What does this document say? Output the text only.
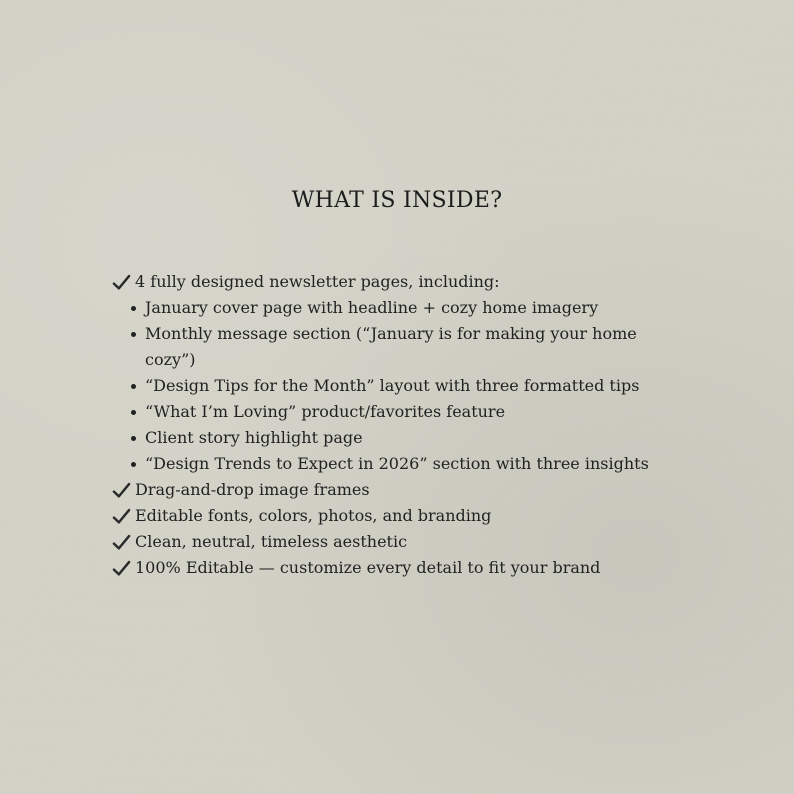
WHAT IS INSIDE?
4 fully designed newsletter pages, including:
January cover page with headline + cozy home imagery
Monthly message section (“January is for making your home cozy”)
“Design Tips for the Month” layout with three formatted tips
“What I’m Loving” product/favorites feature
Client story highlight page
“Design Trends to Expect in 2026” section with three insights
Drag-and-drop image frames
Editable fonts, colors, photos, and branding
Clean, neutral, timeless aesthetic
100% Editable — customize every detail to fit your brand
